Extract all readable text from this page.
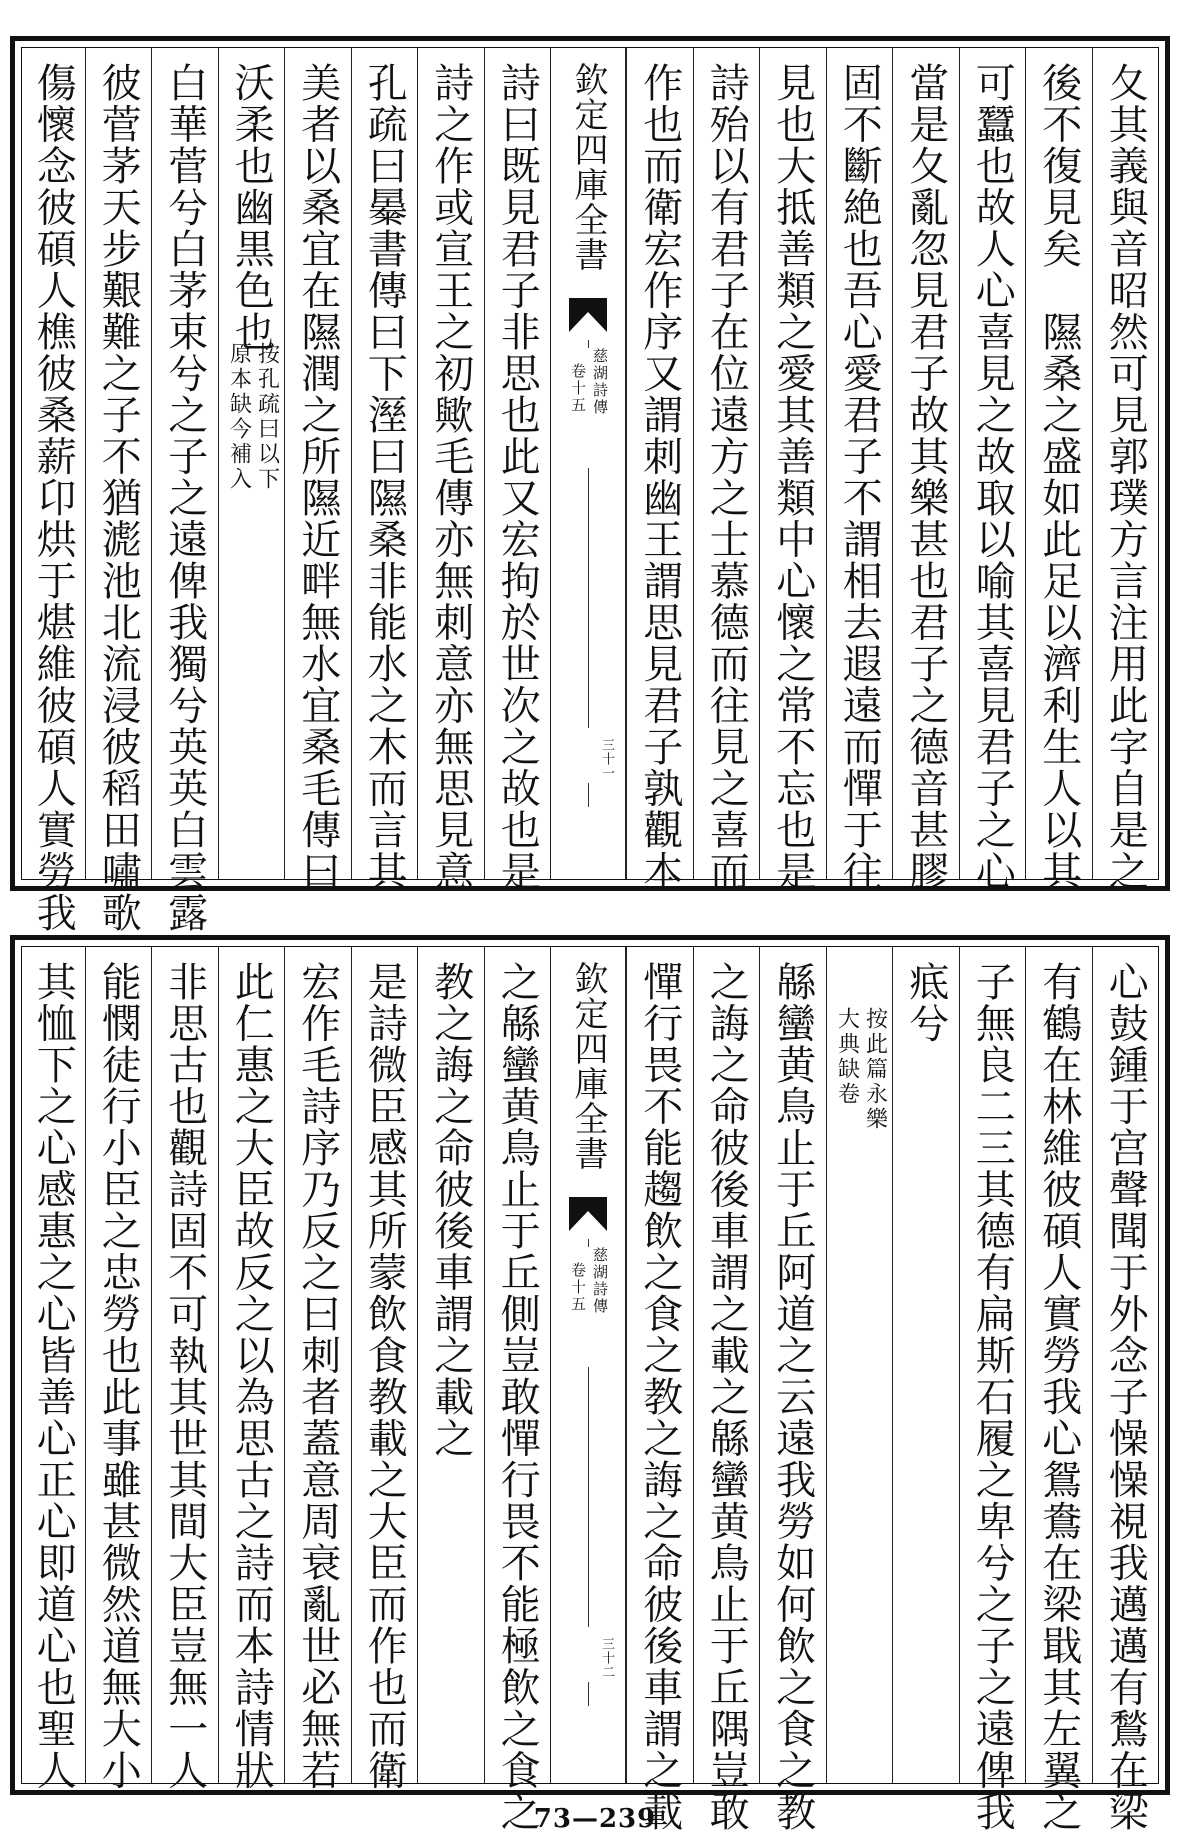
夂其義與音昭然可見郭璞方言注用此字自是之
後不復見矣　隰桑之盛如此足以濟利生人以其
可蠶也故人心喜見之故取以喻其喜見君子之心
當是夂亂忽見君子故其樂甚也君子之德音甚膠
固不斷絶也吾心愛君子不謂相去遐遠而憚于往
見也大抵善類之愛其善類中心懷之常不忘也是
詩殆以有君子在位遠方之士慕德而往見之喜而
作也而衛宏作序又謂刺幽王謂思見君子孰觀本
欽定四庫全書
慈湖詩傳
卷十五
三十一
詩曰既見君子非思也此又宏拘於世次之故也是
詩之作或宣王之初歟毛傳亦無刺意亦無思見意
孔疏曰㬥書傳曰下溼曰隰桑非能水之木而言其
美者以桑宜在隰潤之所隰近畔無水宜桑毛傳曰
沃柔也幽黒色也
按孔疏曰以下
原本缺今補入
白華菅兮白茅束兮之子之遠俾我獨兮英英白雲露
彼菅茅天步艱難之子不猶滮池北流浸彼稻田嘯歌
傷懷念彼碩人樵彼桑薪卬烘于煁維彼碩人實勞我
心鼓鍾于宫聲聞于外念子懆懆視我邁邁有鶖在梁
有鶴在林維彼碩人實勞我心鴛鴦在梁戢其左翼之
子無良二三其德有扁斯石履之卑兮之子之遠俾我
疷兮
按此篇永樂
大典缺卷
緜蠻黄鳥止于丘阿道之云遠我勞如何飲之食之教
之誨之命彼後車謂之載之緜蠻黄鳥止于丘隅豈敢
憚行畏不能趨飲之食之教之誨之命彼後車謂之載
欽定四庫全書
慈湖詩傳
卷十五
三十二
之緜蠻黄鳥止于丘側豈敢憚行畏不能極飲之食之
教之誨之命彼後車謂之載之
是詩微臣感其所蒙飲食教載之大臣而作也而衛
宏作毛詩序乃反之曰刺者蓋意周衰亂世必無若
此仁惠之大臣故反之以為思古之詩而本詩情狀
非思古也觀詩固不可執其世其間大臣豈無一人
能憫徒行小臣之忠勞也此事雖甚微然道無大小
其恤下之心感惠之心皆善心正心即道心也聖人
73—239
